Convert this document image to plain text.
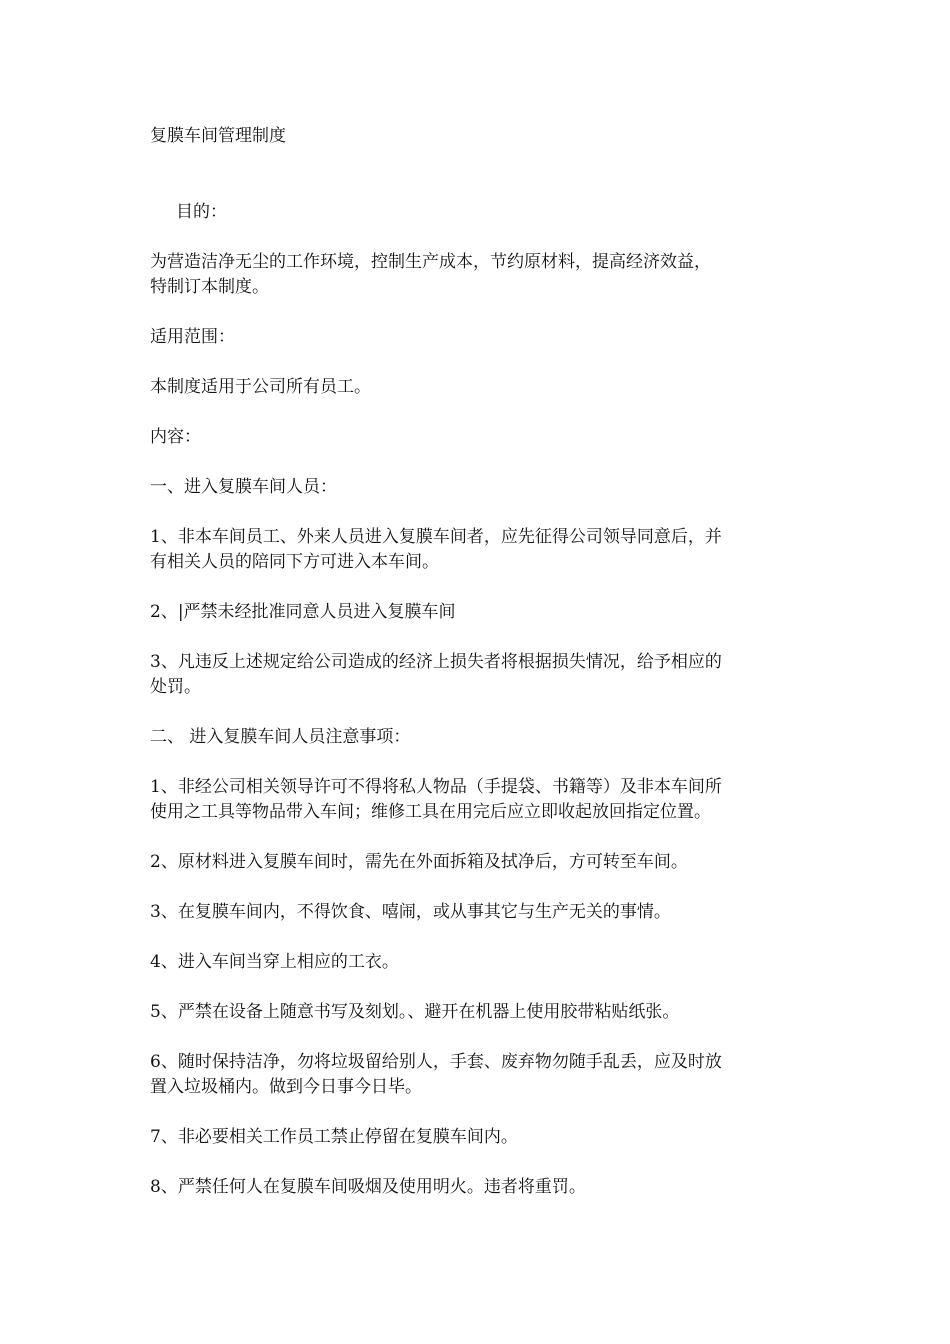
复膜车间管理制度

目的：

为营造洁净无尘的工作环境，控制生产成本，节约原材料，提高经济效益，

特制订本制度。

适用范围：

本制度适用于公司所有员工。

内容：

一、进入复膜车间人员：

1、非本车间员工、外来人员进入复膜车间者，应先征得公司领导同意后，并

有相关人员的陪同下方可进入本车间。

2、|严禁未经批准同意人员进入复膜车间

3、凡违反上述规定给公司造成的经济上损失者将根据损失情况，给予相应的

处罚。

二、 进入复膜车间人员注意事项：

1、非经公司相关领导许可不得将私人物品（手提袋、书籍等）及非本车间所

使用之工具等物品带入车间；维修工具在用完后应立即收起放回指定位置。

2、原材料进入复膜车间时，需先在外面拆箱及拭净后，方可转至车间。

3、在复膜车间内，不得饮食、嘻闹，或从事其它与生产无关的事情。

4、进入车间当穿上相应的工衣。

5、严禁在设备上随意书写及刻划。、避开在机器上使用胶带粘贴纸张。

6、随时保持洁净，勿将垃圾留给别人，手套、废弃物勿随手乱丢，应及时放

置入垃圾桶内。做到今日事今日毕。

7、非必要相关工作员工禁止停留在复膜车间内。

8、严禁任何人在复膜车间吸烟及使用明火。违者将重罚。
